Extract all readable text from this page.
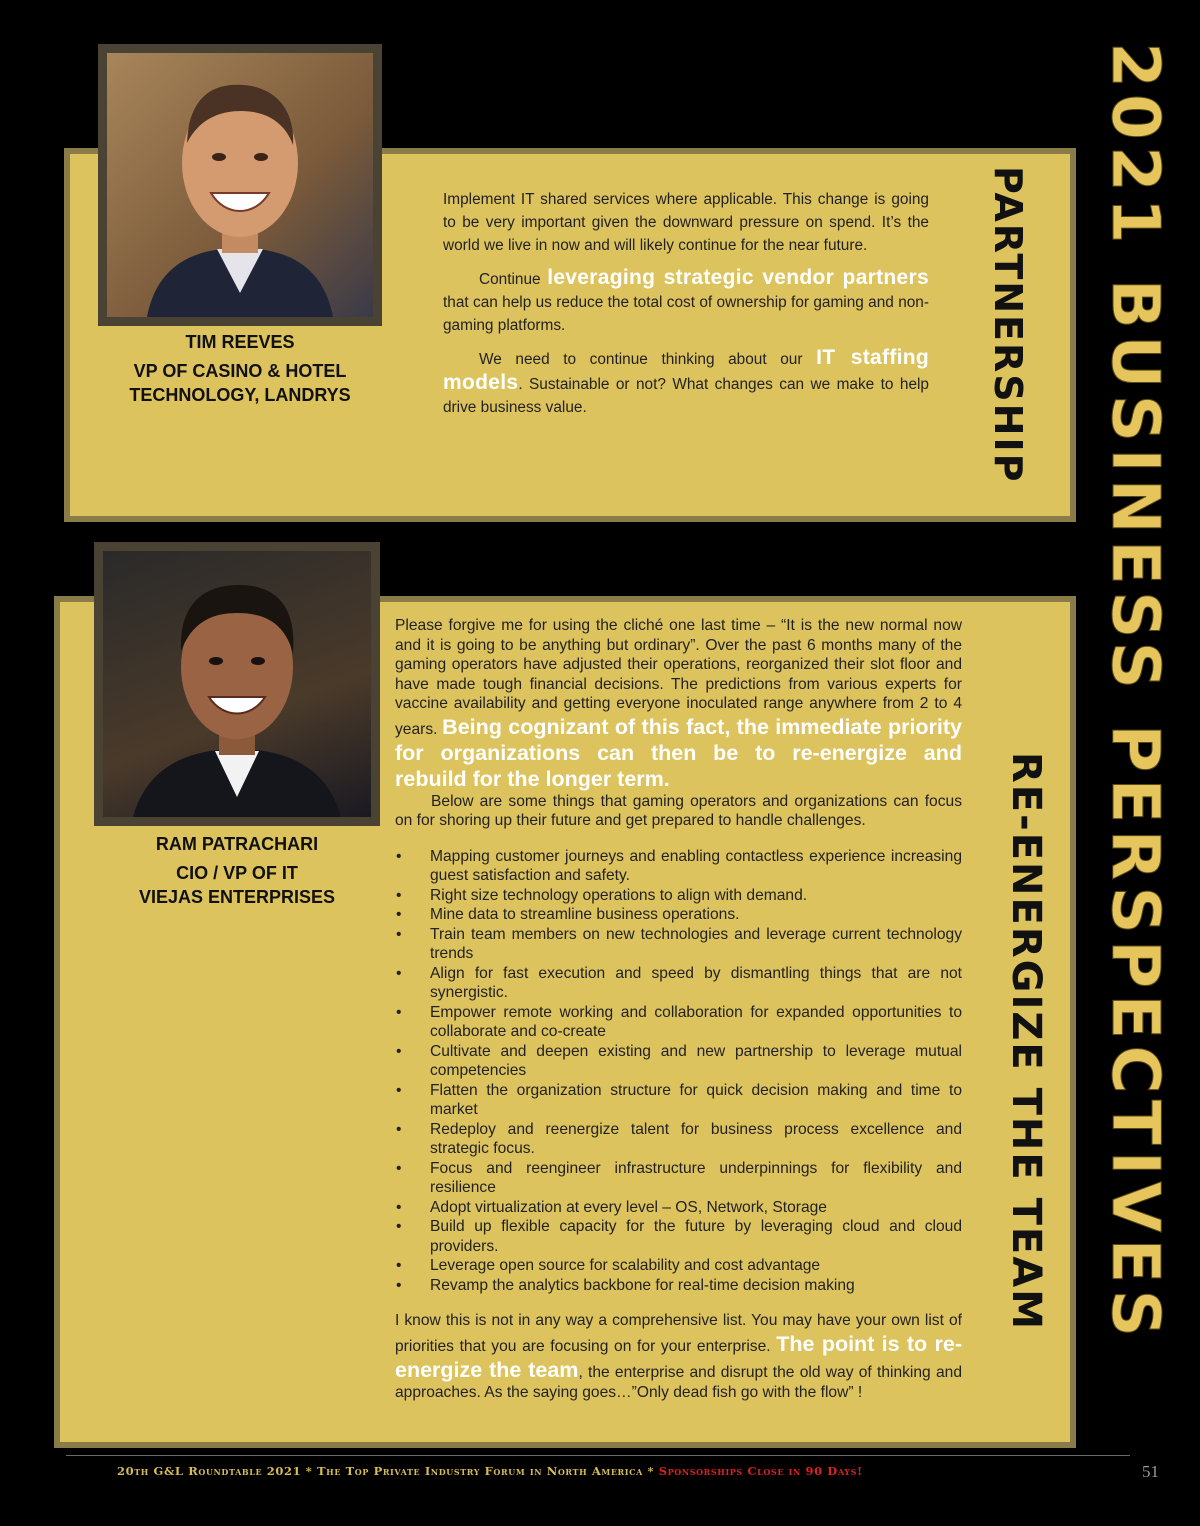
2021 BUSINESS PERSPECTIVES
TIM REEVES
VP OF CASINO & HOTEL
TECHNOLOGY, LANDRYS	PARTNERSHIP

Implement IT shared services where applicable. This change is going to be very important given the downward pressure on spend. It’s the world we live in now and will likely continue for the near future.

Continue leveraging strategic vendor partners that can help us reduce the total cost of ownership for gaming and non-gaming platforms.

We need to continue thinking about our IT staffing models. Sustainable or not? What changes can we make to help drive business value.

RAM PATRACHARI
CIO / VP OF IT
VIEJAS ENTERPRISES	RE-ENERGIZE THE TEAM

Please forgive me for using the cliché one last time – “It is the new normal now and it is going to be anything but ordinary”. Over the past 6 months many of the gaming operators have adjusted their operations, reorganized their slot floor and have made tough financial decisions. The predictions from various experts for vaccine availability and getting everyone inoculated range anywhere from 2 to 4 years. Being cognizant of this fact, the immediate priority for organizations can then be to re-energize and rebuild for the longer term.

Below are some things that gaming operators and organizations can focus on for shoring up their future and get prepared to handle challenges.

• Mapping customer journeys and enabling contactless experience increasing guest satisfaction and safety.
• Right size technology operations to align with demand.
• Mine data to streamline business operations.
• Train team members on new technologies and leverage current technology trends
• Align for fast execution and speed by dismantling things that are not synergistic.
• Empower remote working and collaboration for expanded opportunities to collaborate and co-create
• Cultivate and deepen existing and new partnership to leverage mutual competencies
• Flatten the organization structure for quick decision making and time to market
• Redeploy and reenergize talent for business process excellence and strategic focus.
• Focus and reengineer infrastructure underpinnings for flexibility and resilience
• Adopt virtualization at every level – OS, Network, Storage
• Build up flexible capacity for the future by leveraging cloud and cloud providers.
• Leverage open source for scalability and cost advantage
• Revamp the analytics backbone for real-time decision making

I know this is not in any way a comprehensive list. You may have your own list of priorities that you are focusing on for your enterprise. The point is to re-energize the team, the enterprise and disrupt the old way of thinking and approaches. As the saying goes…”Only dead fish go with the flow” !

20th G&L Roundtable 2021 * The Top Private Industry Forum in North America * Sponsorships Close in 90 Days!	51
